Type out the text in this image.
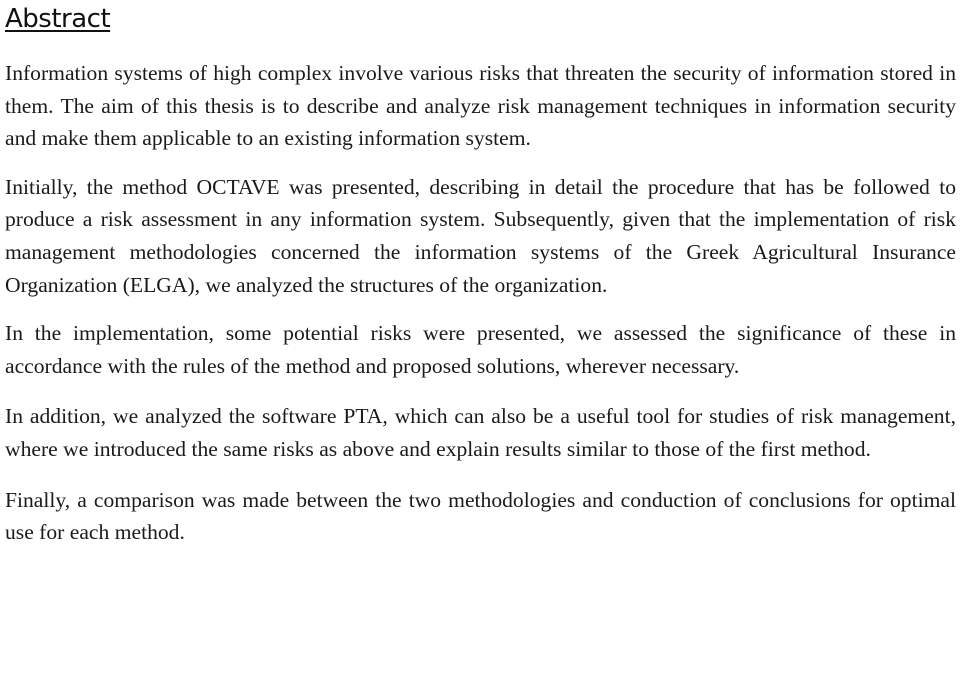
Abstract

Information systems of high complex involve various risks that threaten the security of information stored in them. The aim of this thesis is to describe and analyze risk management techniques in information security and make them applicable to an existing information system.

Initially, the method OCTAVE was presented, describing in detail the procedure that has be followed to produce a risk assessment in any information system. Subsequently, given that the implementation of risk management methodologies concerned the information systems of the Greek Agricultural Insurance Organization (ELGA), we analyzed the structures of the organization.

In the implementation, some potential risks were presented, we assessed the significance of these in accordance with the rules of the method and proposed solutions, wherever necessary.

In addition, we analyzed the software PTA, which can also be a useful tool for studies of risk management, where we introduced the same risks as above and explain results similar to those of the first method.

Finally, a comparison was made between the two methodologies and conduction of conclusions for optimal use for each method.
